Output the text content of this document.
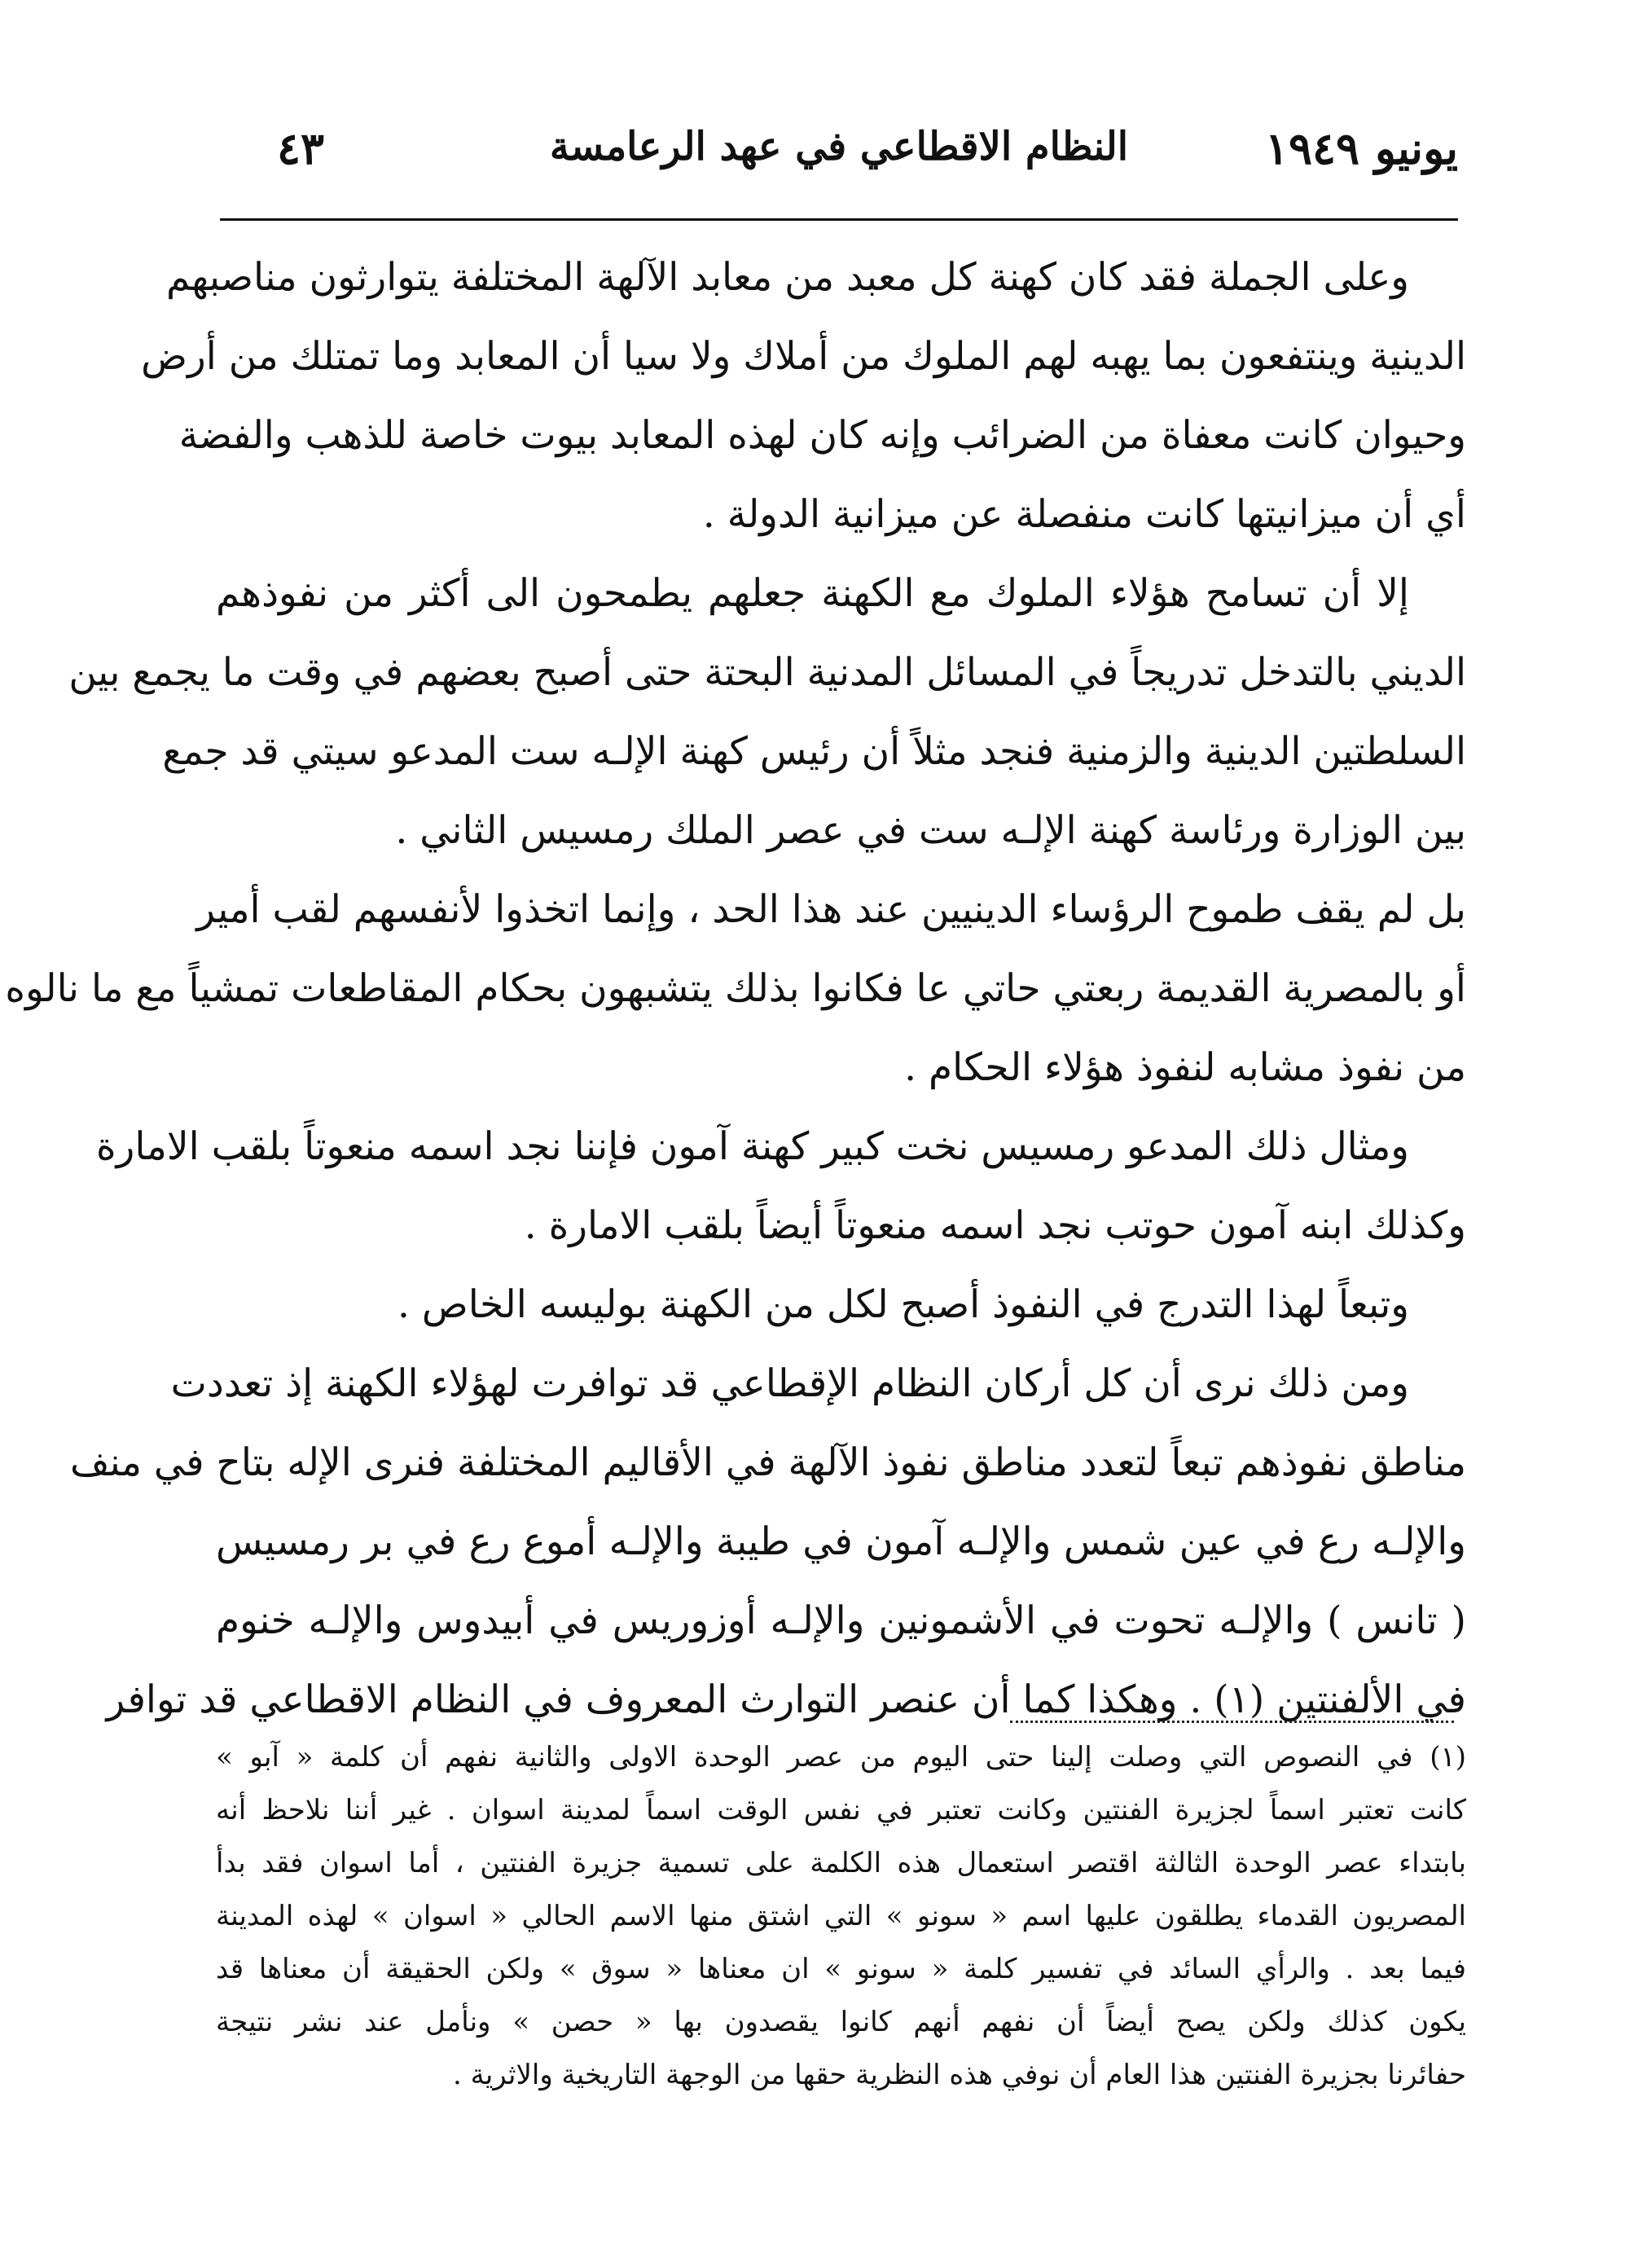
يونيو ١٩٤٩
النظام الاقطاعي في عهد الرعامسة
٤٣
وعلى الجملة فقد كان كهنة كل معبد من معابد الآلهة المختلفة يتوارثون مناصبهم
الدينية وينتفعون بما يهبه لهم الملوك من أملاك ولا سيا أن المعابد وما تمتلك من أرض
وحيوان كانت معفاة من الضرائب وإنه كان لهذه المعابد بيوت خاصة للذهب والفضة
أي أن ميزانيتها كانت منفصلة عن ميزانية الدولة .
إلا أن تسامح هؤلاء الملوك مع الكهنة جعلهم يطمحون الى أكثر من نفوذهم
الديني بالتدخل تدريجاً في المسائل المدنية البحتة حتى أصبح بعضهم في وقت ما يجمع بين
السلطتين الدينية والزمنية فنجد مثلاً أن رئيس كهنة الإلـه ست المدعو سيتي قد جمع
بين الوزارة ورئاسة كهنة الإلـه ست في عصر الملك رمسيس الثاني .
بل لم يقف طموح الرؤساء الدينيين عند هذا الحد ، وإنما اتخذوا لأنفسهم لقب أمير
أو بالمصرية القديمة ربعتي حاتي عا فكانوا بذلك يتشبهون بحكام المقاطعات تمشياً مع ما نالوه
من نفوذ مشابه لنفوذ هؤلاء الحكام .
ومثال ذلك المدعو رمسيس نخت كبير كهنة آمون فإننا نجد اسمه منعوتاً بلقب الامارة
وكذلك ابنه آمون حوتب نجد اسمه منعوتاً أيضاً بلقب الامارة .
وتبعاً لهذا التدرج في النفوذ أصبح لكل من الكهنة بوليسه الخاص .
ومن ذلك نرى أن كل أركان النظام الإقطاعي قد توافرت لهؤلاء الكهنة إذ تعددت
مناطق نفوذهم تبعاً لتعدد مناطق نفوذ الآلهة في الأقاليم المختلفة فنرى الإله بتاح في منف
والإلـه رع في عين شمس والإلـه آمون في طيبة والإلـه أموع رع في بر رمسيس
( تانس ) والإلـه تحوت في الأشمونين والإلـه أوزوريس في أبيدوس والإلـه خنوم
في الألفنتين (١) . وهكذا كما أن عنصر التوارث المعروف في النظام الاقطاعي قد توافر
(١) في النصوص التي وصلت إلينا حتى اليوم من عصر الوحدة الاولى والثانية نفهم أن كلمة « آبو »
كانت تعتبر اسماً لجزيرة الفنتين وكانت تعتبر في نفس الوقت اسماً لمدينة اسوان . غير أننا نلاحظ أنه
بابتداء عصر الوحدة الثالثة اقتصر استعمال هذه الكلمة على تسمية جزيرة الفنتين ، أما اسوان فقد بدأ
المصريون القدماء يطلقون عليها اسم « سونو » التي اشتق منها الاسم الحالي « اسوان » لهذه المدينة
فيما بعد . والرأي السائد في تفسير كلمة « سونو » ان معناها « سوق » ولكن الحقيقة أن معناها قد
يكون كذلك ولكن يصح أيضاً أن نفهم أنهم كانوا يقصدون بها « حصن » ونأمل عند نشر نتيجة
حفائرنا بجزيرة الفنتين هذا العام أن نوفي هذه النظرية حقها من الوجهة التاريخية والاثرية .
